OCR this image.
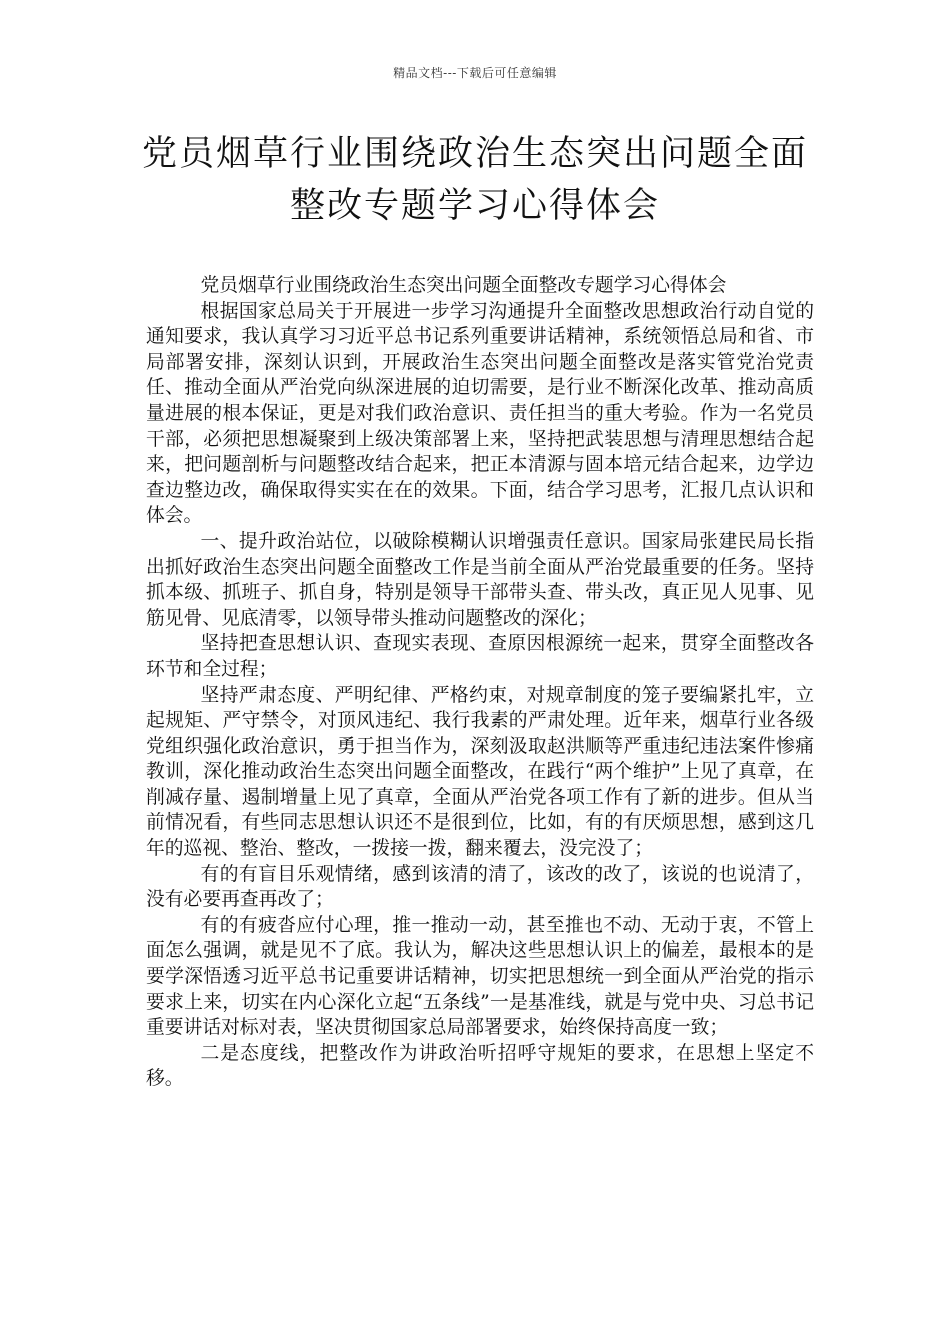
精品文档---下载后可任意编辑
党员烟草行业围绕政治生态突出问题全面
整改专题学习心得体会

党员烟草行业围绕政治生态突出问题全面整改专题学习心得体会

根据国家总局关于开展进一步学习沟通提升全面整改思想政治行动自觉的通知要求，我认真学习习近平总书记系列重要讲话精神，系统领悟总局和省、市局部署安排，深刻认识到，开展政治生态突出问题全面整改是落实管党治党责任、推动全面从严治党向纵深进展的迫切需要，是行业不断深化改革、推动高质量进展的根本保证，更是对我们政治意识、责任担当的重大考验。作为一名党员干部，必须把思想凝聚到上级决策部署上来，坚持把武装思想与清理思想结合起来，把问题剖析与问题整改结合起来，把正本清源与固本培元结合起来，边学边查边整边改，确保取得实实在在的效果。下面，结合学习思考，汇报几点认识和体会。

一、提升政治站位，以破除模糊认识增强责任意识。国家局张建民局长指出抓好政治生态突出问题全面整改工作是当前全面从严治党最重要的任务。坚持抓本级、抓班子、抓自身，特别是领导干部带头查、带头改，真正见人见事、见筋见骨、见底清零，以领导带头推动问题整改的深化；

坚持把查思想认识、查现实表现、查原因根源统一起来，贯穿全面整改各环节和全过程；

坚持严肃态度、严明纪律、严格约束，对规章制度的笼子要编紧扎牢，立起规矩、严守禁令，对顶风违纪、我行我素的严肃处理。近年来，烟草行业各级党组织强化政治意识，勇于担当作为，深刻汲取赵洪顺等严重违纪违法案件惨痛教训，深化推动政治生态突出问题全面整改，在践行“两个维护”上见了真章，在削减存量、遏制增量上见了真章，全面从严治党各项工作有了新的进步。但从当前情况看，有些同志思想认识还不是很到位，比如，有的有厌烦思想，感到这几年的巡视、整治、整改，一拨接一拨，翻来覆去，没完没了；

有的有盲目乐观情绪，感到该清的清了，该改的改了，该说的也说清了，没有必要再查再改了；

有的有疲沓应付心理，推一推动一动，甚至推也不动、无动于衷，不管上面怎么强调，就是见不了底。我认为，解决这些思想认识上的偏差，最根本的是要学深悟透习近平总书记重要讲话精神，切实把思想统一到全面从严治党的指示要求上来，切实在内心深化立起“五条线”一是基准线，就是与党中央、习总书记重要讲话对标对表，坚决贯彻国家总局部署要求，始终保持高度一致；

二是态度线，把整改作为讲政治听招呼守规矩的要求，在思想上坚定不移。
